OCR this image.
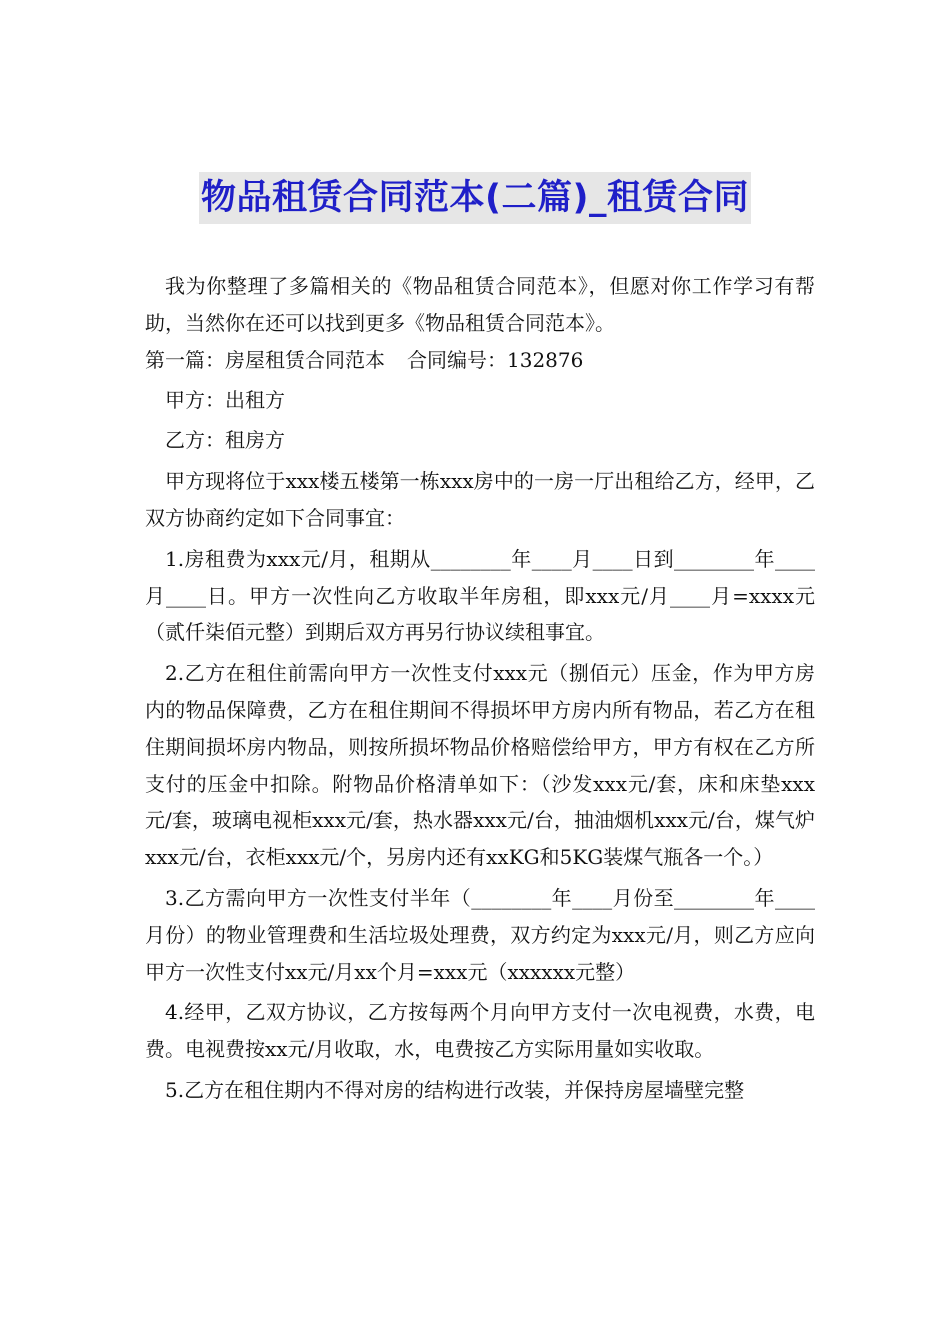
物品租赁合同范本(二篇)_租赁合同

我为你整理了多篇相关的《物品租赁合同范本》，但愿对你工作学习有帮助，当然你在还可以找到更多《物品租赁合同范本》。

第一篇：房屋租赁合同范本 合同编号：132876

甲方：出租方

乙方：租房方

甲方现将位于xxx楼五楼第一栋xxx房中的一房一厅出租给乙方，经甲，乙双方协商约定如下合同事宜：

1.房租费为xxx元/月，租期从________年____月____日到________年____月____日。甲方一次性向乙方收取半年房租，即xxx元/月____月=xxxx元（贰仟柒佰元整）到期后双方再另行协议续租事宜。

2.乙方在租住前需向甲方一次性支付xxx元（捌佰元）压金，作为甲方房内的物品保障费，乙方在租住期间不得损坏甲方房内所有物品，若乙方在租住期间损坏房内物品，则按所损坏物品价格赔偿给甲方，甲方有权在乙方所支付的压金中扣除。附物品价格清单如下：（沙发xxx元/套，床和床垫xxx元/套，玻璃电视柜xxx元/套，热水器xxx元/台，抽油烟机xxx元/台，煤气炉xxx元/台，衣柜xxx元/个，另房内还有xxKG和5KG装煤气瓶各一个。）

3.乙方需向甲方一次性支付半年（________年____月份至________年____月份）的物业管理费和生活垃圾处理费，双方约定为xxx元/月，则乙方应向甲方一次性支付xx元/月xx个月=xxx元（xxxxxx元整）

4.经甲，乙双方协议，乙方按每两个月向甲方支付一次电视费，水费，电费。电视费按xx元/月收取，水，电费按乙方实际用量如实收取。

5.乙方在租住期内不得对房的结构进行改装，并保持房屋墙壁完整
